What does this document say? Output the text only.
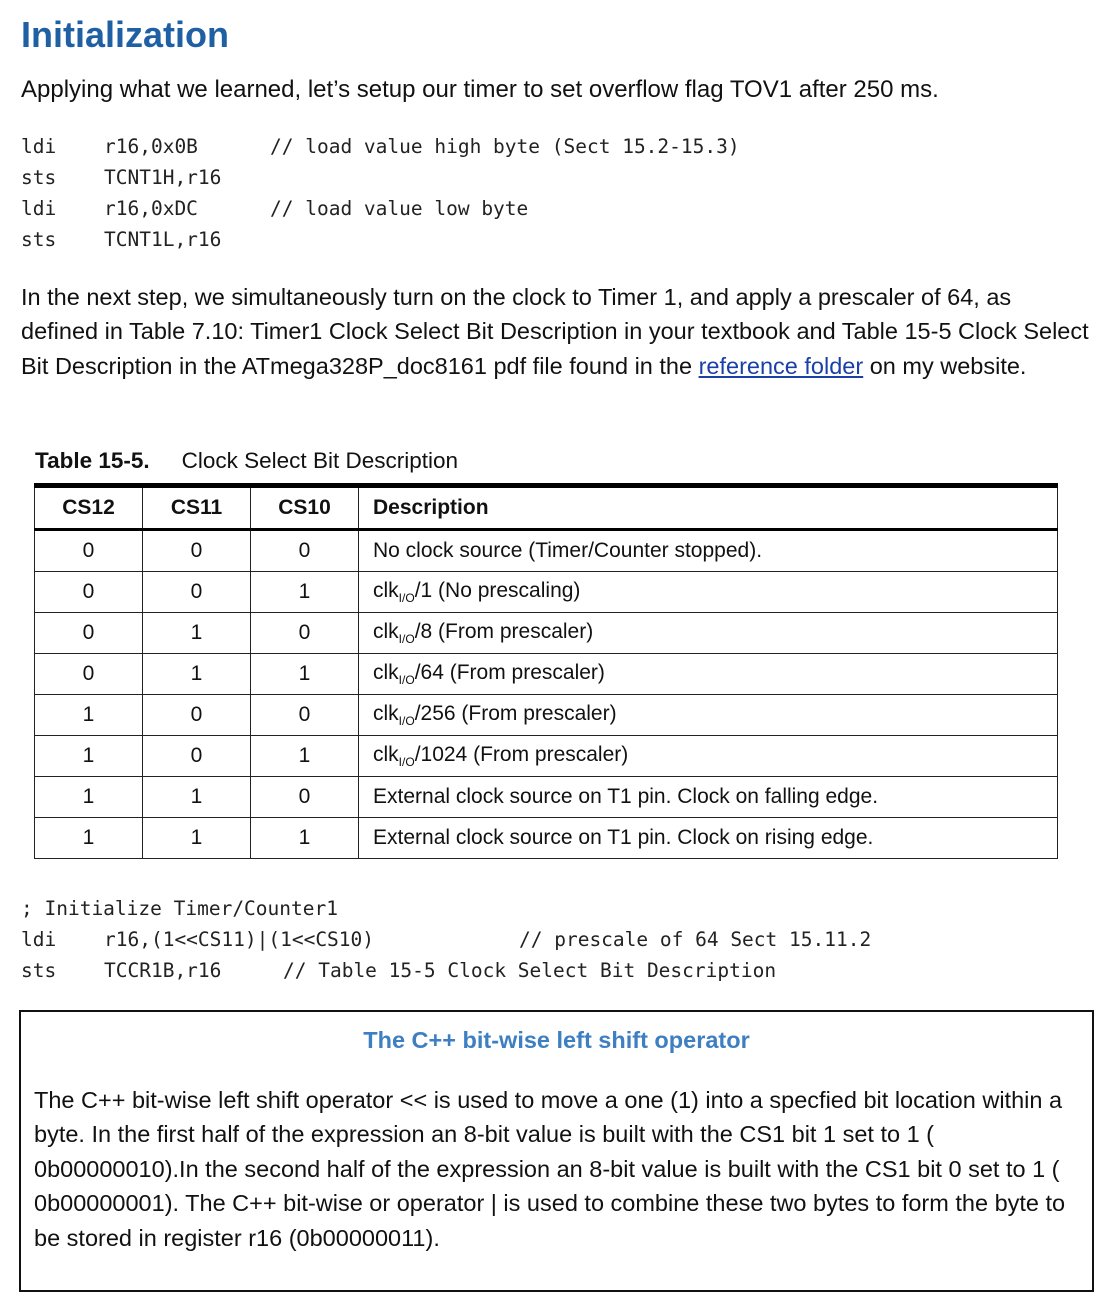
Initialization

Applying what we learned, let’s setup our timer to set overflow flag TOV1 after 250 ms.

ldi r16,0x0B	// load value high byte (Sect 15.2-15.3)
sts TCNT1H,r16
ldi r16,0xDC	// load value low byte
sts TCNT1L,r16

In the next step, we simultaneously turn on the clock to Timer 1, and apply a prescaler of 64, as defined in Table 7.10: Timer1 Clock Select Bit Description in your textbook and Table 15-5 Clock Select Bit Description in the ATmega328P_doc8161 pdf file found in the reference folder on my website.

Table 15-5. Clock Select Bit Description
CS12	CS11	CS10	Description
0	0	0	No clock source (Timer/Counter stopped).
0	0	1	clk$_{I/O}$/1 (No prescaling)
0	1	0	clk$_{I/O}$/8 (From prescaler)
0	1	1	clk$_{I/O}$/64 (From prescaler)
1	0	0	clk$_{I/O}$/256 (From prescaler)
1	0	1	clk$_{I/O}$/1024 (From prescaler)
1	1	0	External clock source on T1 pin. Clock on falling edge.
1	1	1	External clock source on T1 pin. Clock on rising edge.
; Initialize Timer/Counter1
ldi r16,(1<<CS11)|(1<<CS10)	// prescale of 64 Sect 15.11.2
sts TCCR1B,r16	// Table 15-5 Clock Select Bit Description
The C++ bit-wise left shift operator

The C++ bit-wise left shift operator << is used to move a one (1) into a specfied bit location within a byte. In the first half of the expression an 8-bit value is built with the CS1 bit 1 set to 1 ( 0b00000010).In the second half of the expression an 8-bit value is built with the CS1 bit 0 set to 1 ( 0b00000001). The C++ bit-wise or operator | is used to combine these two bytes to form the byte to be stored in register r16 (0b00000011).
